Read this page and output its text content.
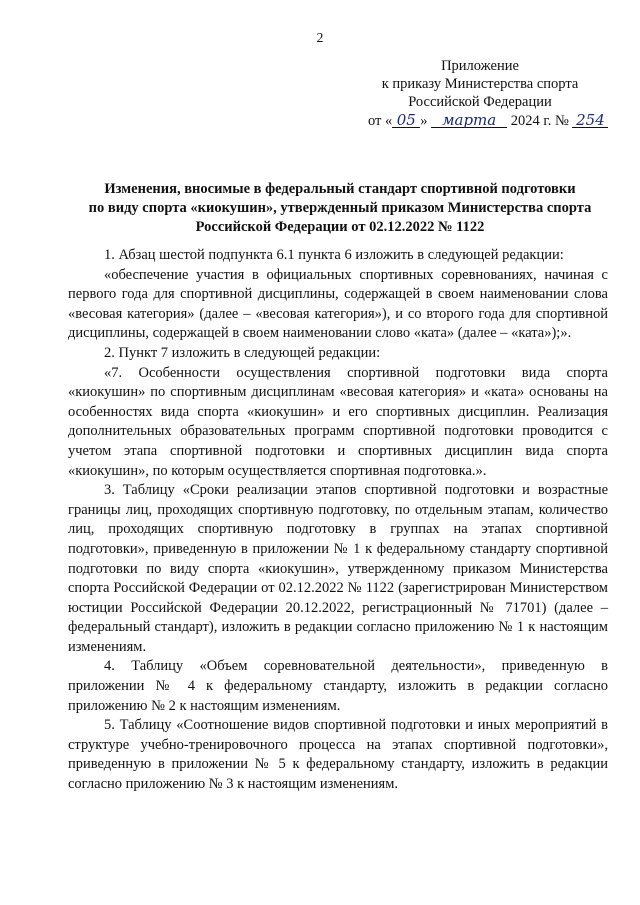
2
Приложение
к приказу Министерства спорта
Российской Федерации
от « 05 » марта 2024 г. № 254
Изменения, вносимые в федеральный стандарт спортивной подготовки
по виду спорта «киокушин», утвержденный приказом Министерства спорта
Российской Федерации от 02.12.2022 № 1122

1. Абзац шестой подпункта 6.1 пункта 6 изложить в следующей редакции:

«обеспечение участия в официальных спортивных соревнованиях, начиная с первого года для спортивной дисциплины, содержащей в своем наименовании слова «весовая категория» (далее – «весовая категория»), и со второго года для спортивной дисциплины, содержащей в своем наименовании слово «ката» (далее – «ката»);».

2. Пункт 7 изложить в следующей редакции:

«7. Особенности осуществления спортивной подготовки вида спорта «киокушин» по спортивным дисциплинам «весовая категория» и «ката» основаны на особенностях вида спорта «киокушин» и его спортивных дисциплин. Реализация дополнительных образовательных программ спортивной подготовки проводится с учетом этапа спортивной подготовки и спортивных дисциплин вида спорта «киокушин», по которым осуществляется спортивная подготовка.».

3. Таблицу «Сроки реализации этапов спортивной подготовки и возрастные границы лиц, проходящих спортивную подготовку, по отдельным этапам, количество лиц, проходящих спортивную подготовку в группах на этапах спортивной подготовки», приведенную в приложении № 1 к федеральному стандарту спортивной подготовки по виду спорта «киокушин», утвержденному приказом Министерства спорта Российской Федерации от 02.12.2022 № 1122 (зарегистрирован Министерством юстиции Российской Федерации 20.12.2022, регистрационный № 71701) (далее – федеральный стандарт), изложить в редакции согласно приложению № 1 к настоящим изменениям.

4. Таблицу «Объем соревновательной деятельности», приведенную в приложении № 4 к федеральному стандарту, изложить в редакции согласно приложению № 2 к настоящим изменениям.

5. Таблицу «Соотношение видов спортивной подготовки и иных мероприятий в структуре учебно-тренировочного процесса на этапах спортивной подготовки», приведенную в приложении № 5 к федеральному стандарту, изложить в редакции согласно приложению № 3 к настоящим изменениям.
